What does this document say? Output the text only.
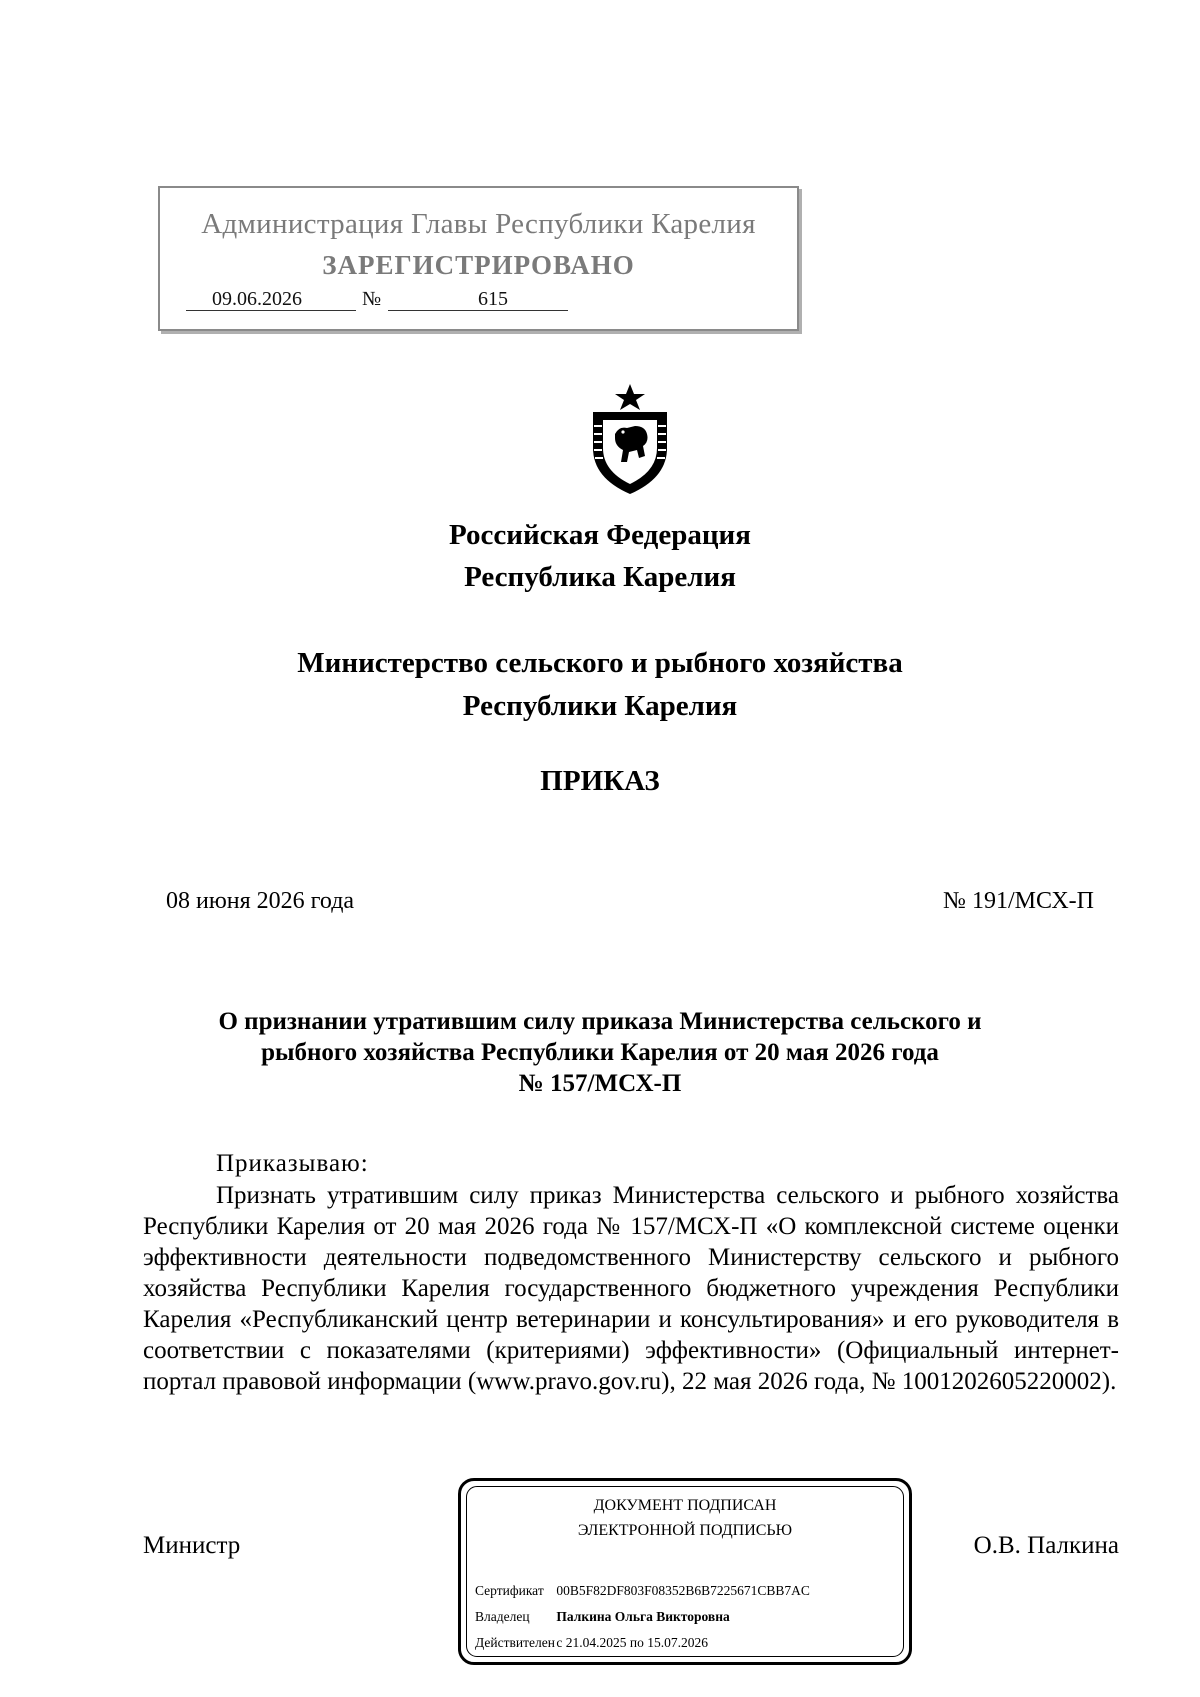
Администрация Главы Республики Карелия
ЗАРЕГИСТРИРОВАНО
09.06.2026	№	615
Российская Федерация
Республика Карелия
Министерство сельского и рыбного хозяйства
Республики Карелия
ПРИКАЗ
08 июня 2026 года	№ 191/МСХ-П
О признании утратившим силу приказа Министерства сельского и
рыбного хозяйства Республики Карелия от 20 мая 2026 года
№ 157/МСХ-П
Приказываю:
Признать утратившим силу приказ Министерства сельского и рыбного хозяйства Республики Карелия от 20 мая 2026 года № 157/МСХ-П «О комплексной системе оценки эффективности деятельности подведомственного Министерству сельского и рыбного хозяйства Республики Карелия государственного бюджетного учреждения Республики Карелия «Республиканский центр ветеринарии и консультирования» и его руководителя в соответствии с показателями (критериями) эффективности» (Официальный интернет-портал правовой информации (www.pravo.gov.ru), 22 мая 2026 года, № 1001202605220002).
Министр	О.В. Палкина
ДОКУМЕНТ ПОДПИСАН
ЭЛЕКТРОННОЙ ПОДПИСЬЮ
Сертификат 00B5F82DF803F08352B6B7225671CBB7AC
Владелец Палкина Ольга Викторовна
Действителен с 21.04.2025 по 15.07.2026
